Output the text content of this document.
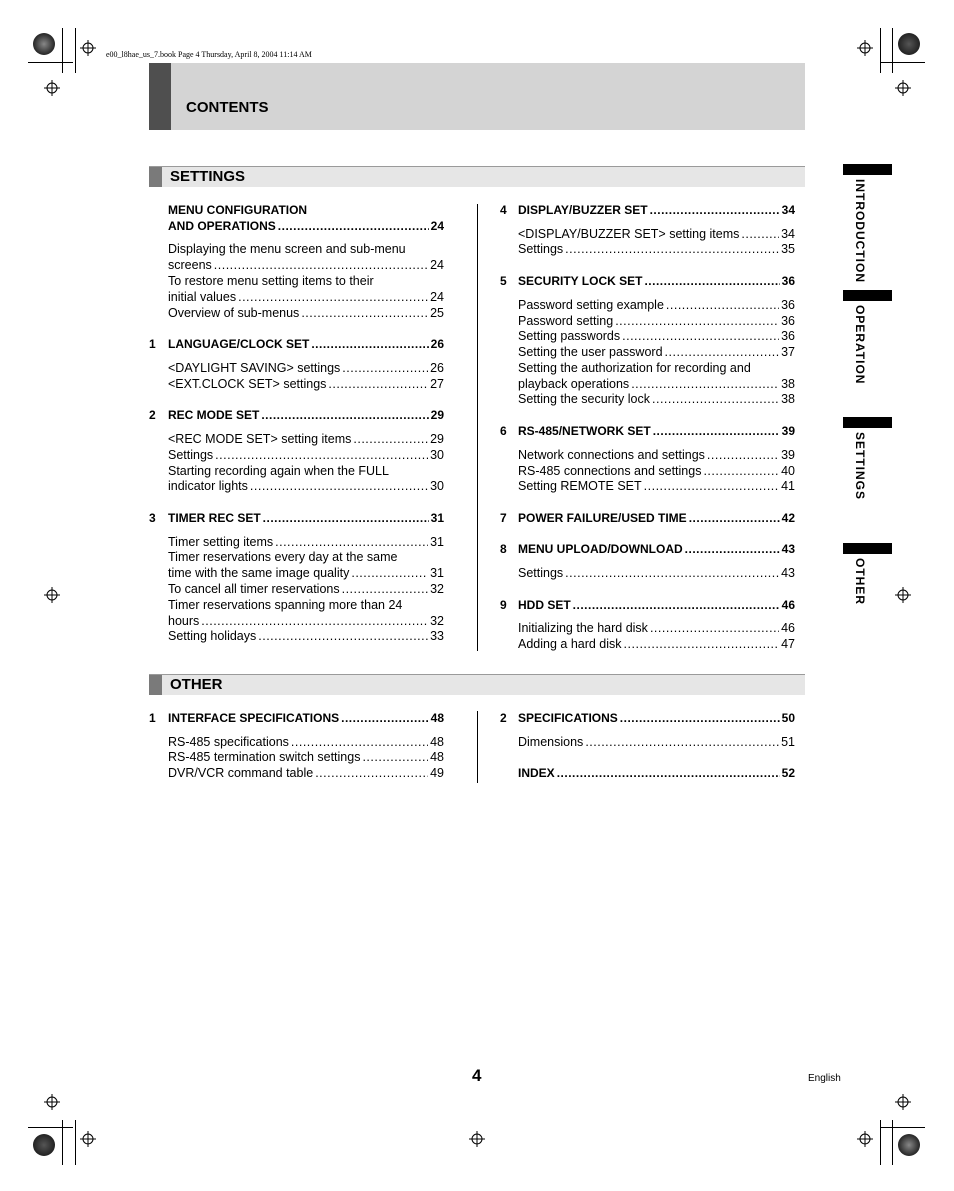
e00_l8hae_us_7.book Page 4 Thursday, April 8, 2004 11:14 AM
CONTENTS
SETTINGS
MENU CONFIGURATION
AND OPERATIONS .....	24
Displaying the menu screen and sub-menu
screens .....	24
To restore menu setting items to their
initial values .....	24
Overview of sub-menus .....	25
1 LANGUAGE/CLOCK SET .....	26
<DAYLIGHT SAVING> settings .....	26
<EXT.CLOCK SET> settings .....	27
2 REC MODE SET .....	29
<REC MODE SET> setting items .....	29
Settings .....	30
Starting recording again when the FULL
indicator lights .....	30
3 TIMER REC SET .....	31
Timer setting items .....	31
Timer reservations every day at the same
time with the same image quality .....	31
To cancel all timer reservations .....	32
Timer reservations spanning more than 24
hours .....	32
Setting holidays .....	33
4 DISPLAY/BUZZER SET .....	34
<DISPLAY/BUZZER SET> setting items .....	34
Settings .....	35
5 SECURITY LOCK SET .....	36
Password setting example .....	36
Password setting .....	36
Setting passwords .....	36
Setting the user password .....	37
Setting the authorization for recording and
playback operations .....	38
Setting the security lock .....	38
6 RS-485/NETWORK SET .....	39
Network connections and settings .....	39
RS-485 connections and settings .....	40
Setting REMOTE SET .....	41
7 POWER FAILURE/USED TIME .....	42
8 MENU UPLOAD/DOWNLOAD .....	43
Settings .....	43
9 HDD SET .....	46
Initializing the hard disk .....	46
Adding a hard disk .....	47
OTHER
1 INTERFACE SPECIFICATIONS .....	48
RS-485 specifications .....	48
RS-485 termination switch settings .....	48
DVR/VCR command table .....	49
2 SPECIFICATIONS .....	50
Dimensions .....	51
INDEX .....	52
INTRODUCTION
OPERATION
SETTINGS
OTHER
4	English
